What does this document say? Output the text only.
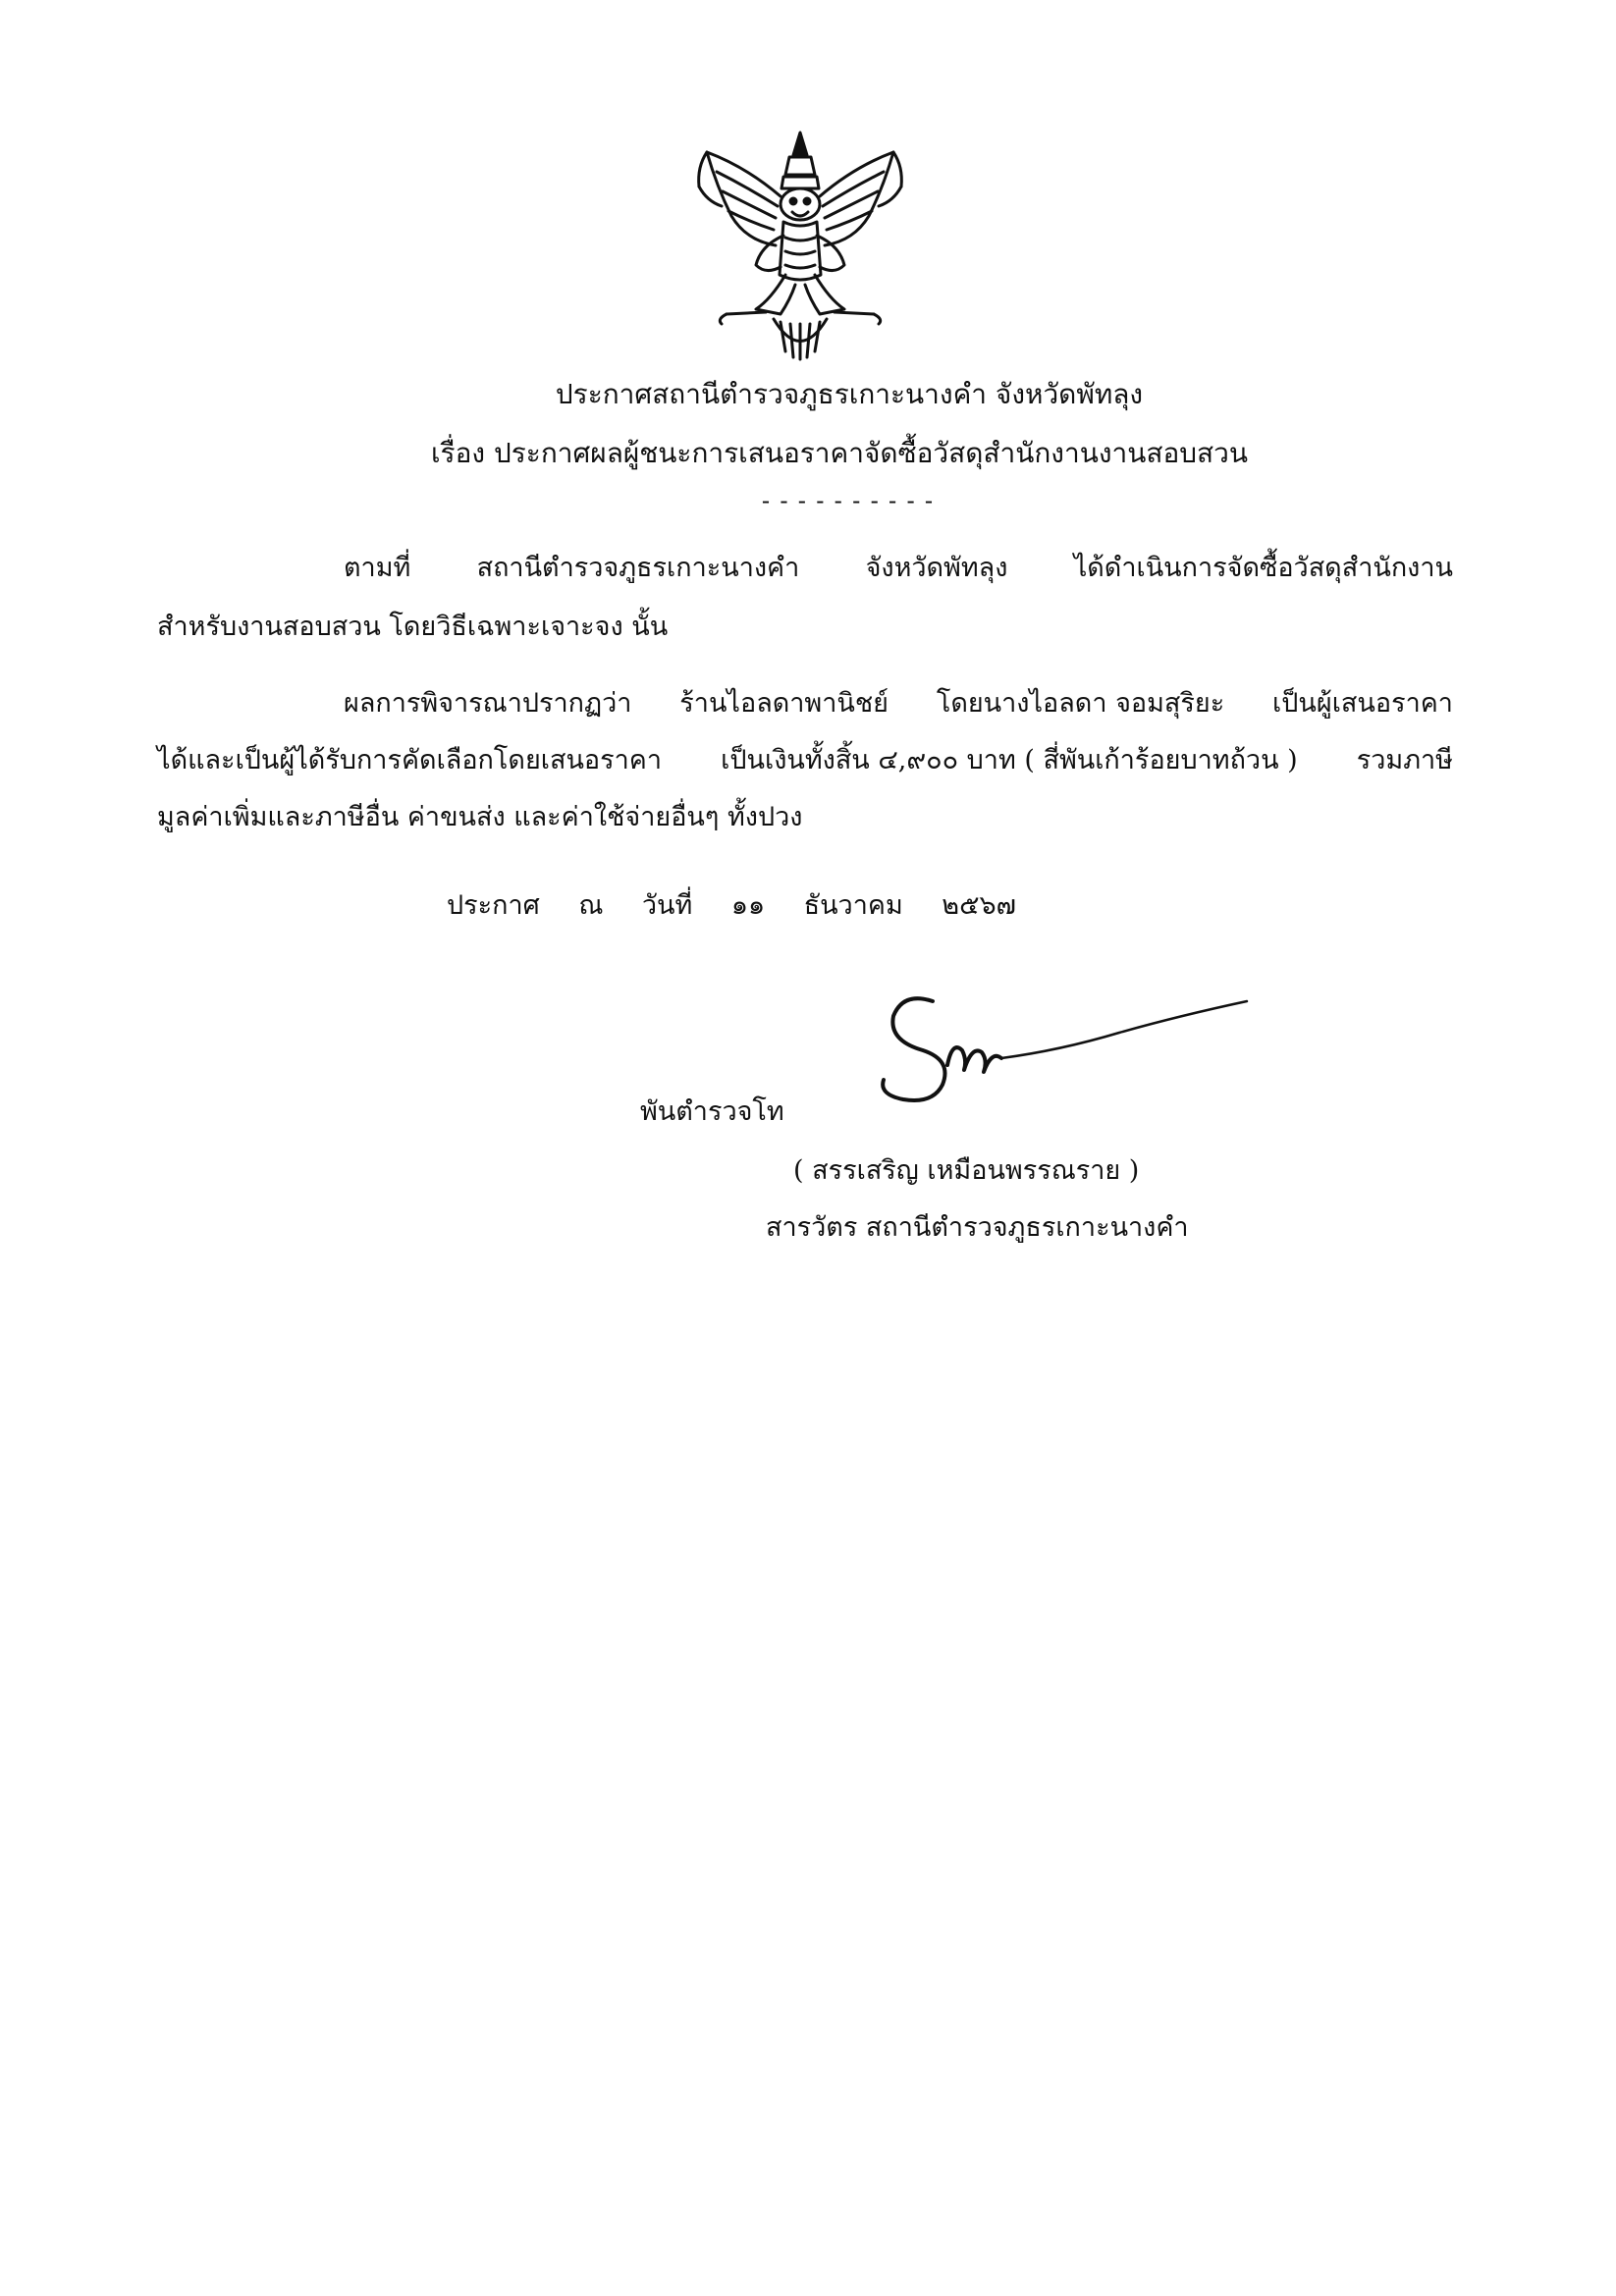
ประกาศสถานีตำรวจภูธรเกาะนางคำ จังหวัดพัทลุง
เรื่อง ประกาศผลผู้ชนะการเสนอราคาจัดซื้อวัสดุสำนักงานงานสอบสวน
----------
ตามที่ สถานีตำรวจภูธรเกาะนางคำ จังหวัดพัทลุง ได้ดำเนินการจัดซื้อวัสดุสำนักงาน
สำหรับงานสอบสวน โดยวิธีเฉพาะเจาะจง นั้น
ผลการพิจารณาปรากฏว่า ร้านไอลดาพานิชย์ โดยนางไอลดา จอมสุริยะ เป็นผู้เสนอราคา
ได้และเป็นผู้ได้รับการคัดเลือกโดยเสนอราคา เป็นเงินทั้งสิ้น ๔,๙๐๐ บาท ( สี่พันเก้าร้อยบาทถ้วน ) รวมภาษี
มูลค่าเพิ่มและภาษีอื่น ค่าขนส่ง และค่าใช้จ่ายอื่นๆ ทั้งปวง
ประกาศ ณ วันที่ ๑๑ ธันวาคม ๒๕๖๗
พันตำรวจโท
( สรรเสริญ เหมือนพรรณราย )
สารวัตร สถานีตำรวจภูธรเกาะนางคำ
